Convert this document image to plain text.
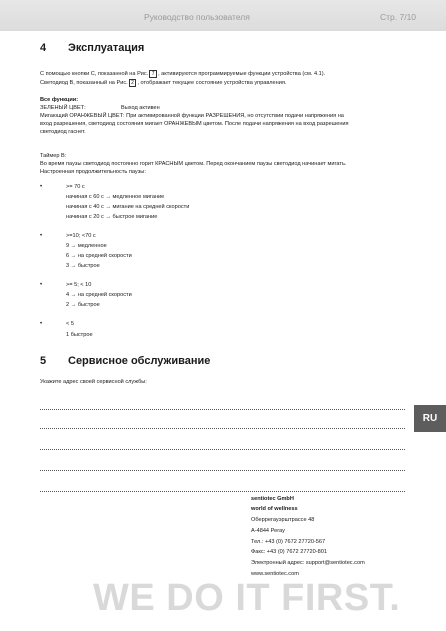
Руководство пользователя	Стр. 7/10
4 Эксплуатация
С помощью кнопки С, показанной на Рис. 7 , активируются программируемые функции устройства (см. 4.1).
Светодиод В, показанный на Рис. 2 , отображает текущее состояние устройства управления.
Все функции:
ЗЕЛЕНЫЙ ЦВЕТ:	Выход активен
Мигающий ОРАНЖЕВЫЙ ЦВЕТ: При активированной функции РАЗРЕШЕНИЯ, но отсутствии подачи напряжения на
вход разрешения, светодиод состояния мигает ОРАНЖЕВЫМ цветом. После подачи напряжения на вход разрешения
светодиод гаснет.
Таймер В:
Во время паузы светодиод постоянно горит КРАСНЫМ цветом. Перед окончанием паузы светодиод начинает мигать.
Настроенная продолжительность паузы:
•	>= 70 с
начиная с 60 с → медленное мигание
начиная с 40 с → мигание на средней скорости
начиная с 20 с → быстрое мигание
•	>=10; <70 с
9 → медленное
6 → на средней скорости
3 → быстрое
•	>= 5; < 10
4 → на средней скорости
2 → быстрое
•	< 5
1 быстрое
5 Сервисное обслуживание
Укажите адрес своей сервисной службы:
RU
sentiotec GmbH
world of wellness
Оберрегауэрштрассе 48
A-4844 Регау
Тел.: +43 (0) 7672 27720-567
Факс: +43 (0) 7672 27720-801
Электронный адрес: support@sentiotec.com
www.sentiotec.com
WE DO IT FIRST.
